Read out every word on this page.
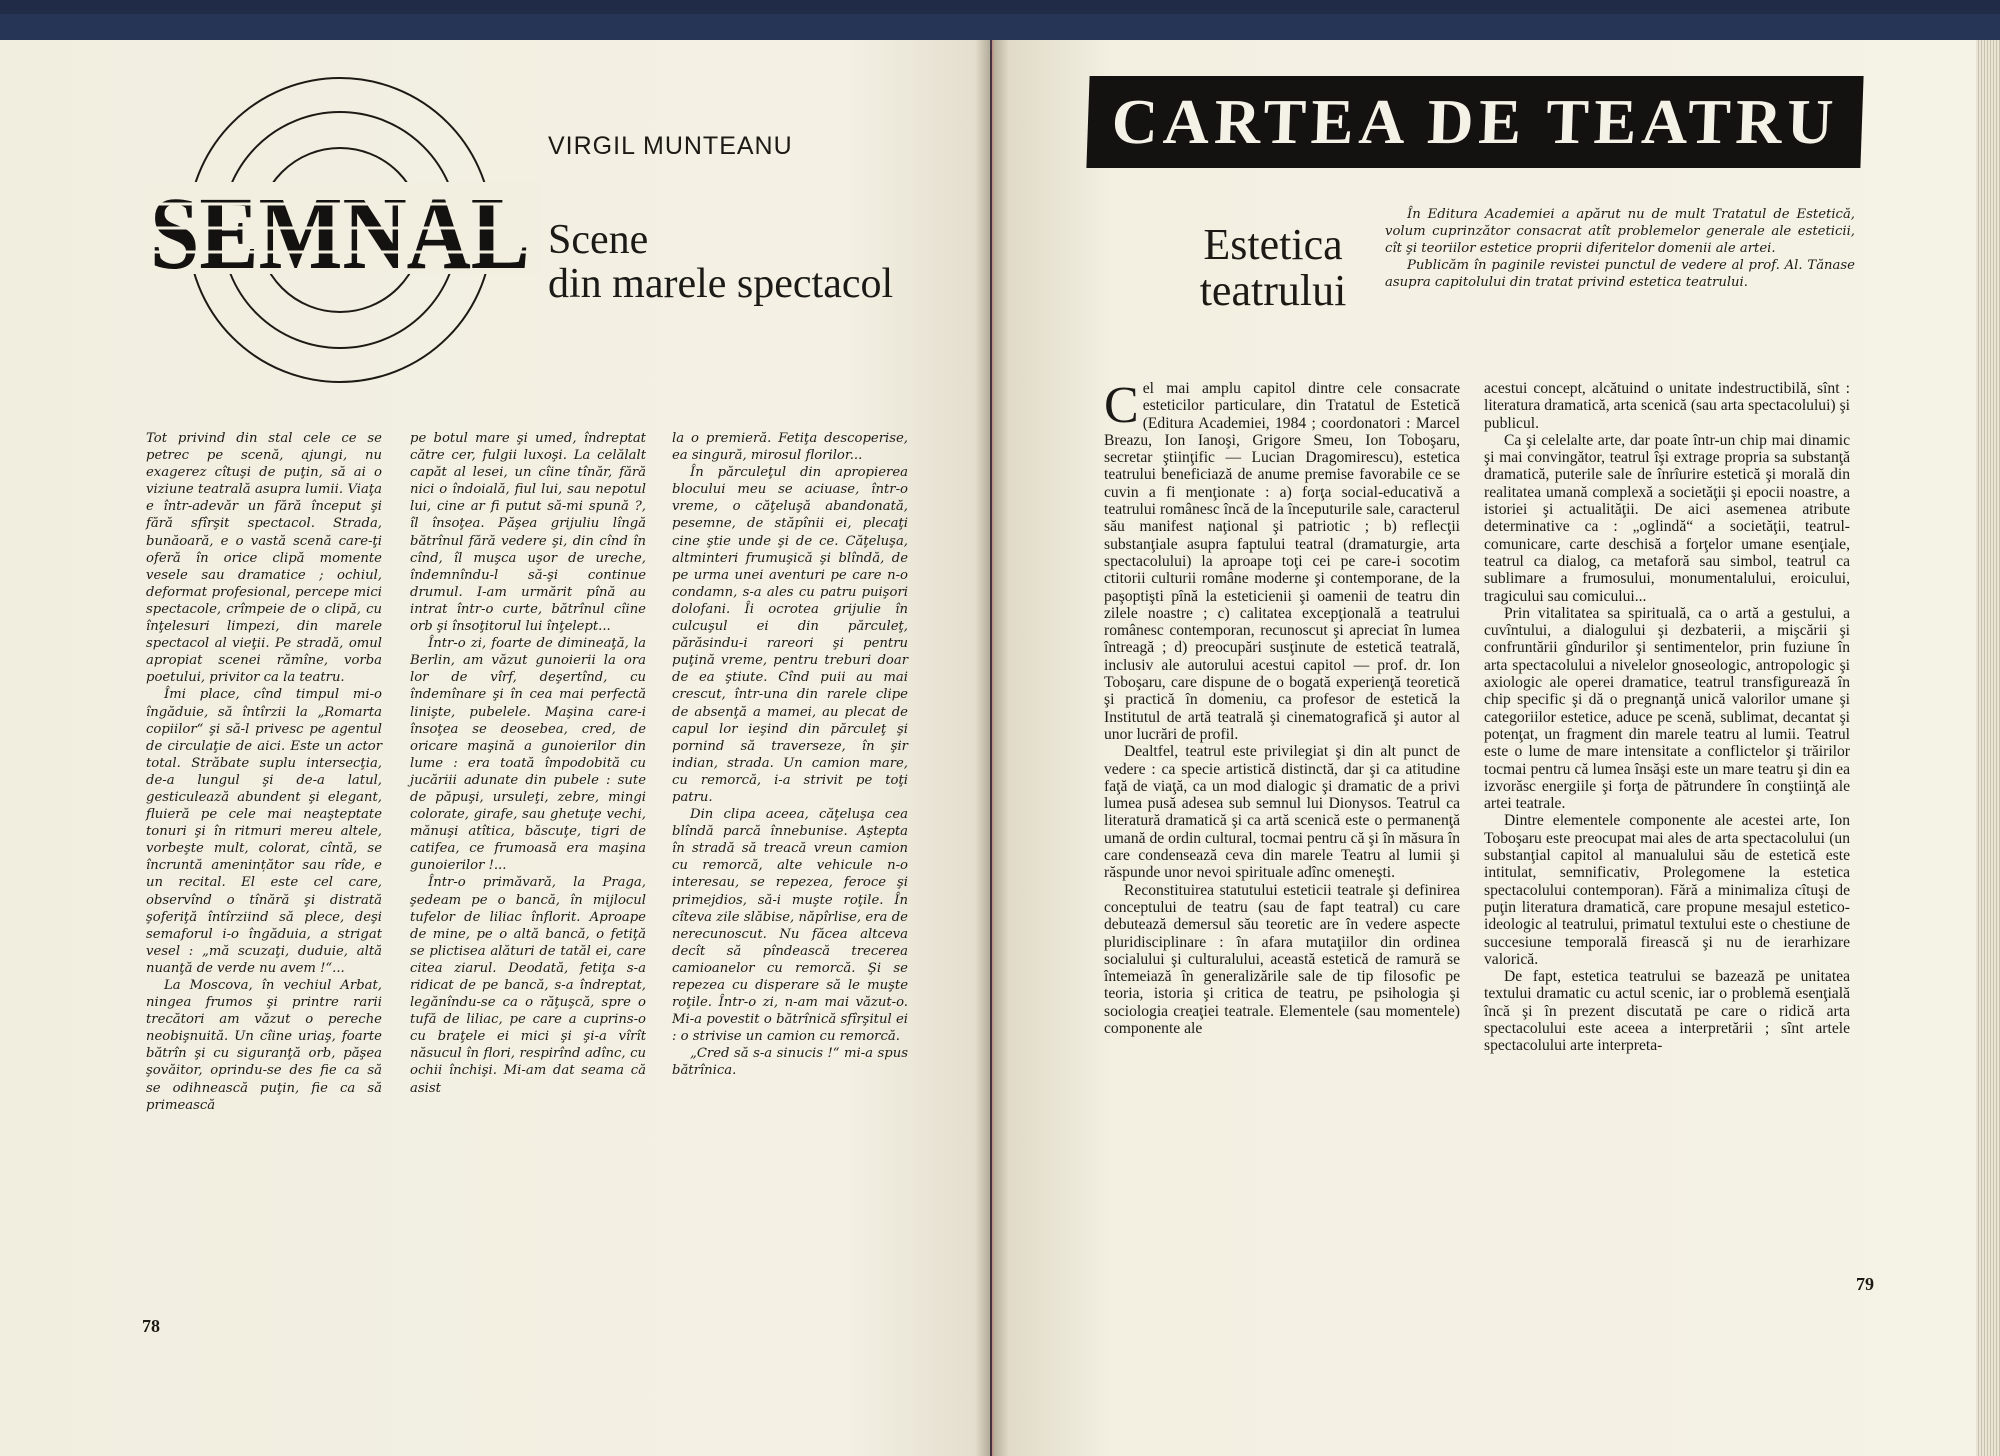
SEMNAL
VIRGIL MUNTEANU
Scene
din marele spectacol

Tot privind din stal cele ce se petrec pe scenă, ajungi, nu exagerez cîtuşi de puţin, să ai o viziune teatrală asupra lumii. Viaţa e într-adevăr un fără început şi fără sfîrşit spectacol. Strada, bunăoară, e o vastă scenă care-ţi oferă în orice clipă momente vesele sau dramatice ; ochiul, deformat profesional, percepe mici spectacole, crîmpeie de o clipă, cu înţelesuri limpezi, din marele spectacol al vieţii. Pe stradă, omul apropiat scenei rămîne, vorba poetului, privitor ca la teatru.

Îmi place, cînd timpul mi-o îngăduie, să întîrzii la „Romarta copiilor“ şi să-l privesc pe agentul de circulaţie de aici. Este un actor total. Străbate suplu intersecţia, de-a lungul şi de-a latul, gesticulează abundent şi elegant, fluieră pe cele mai neaşteptate tonuri şi în ritmuri mereu altele, vorbeşte mult, colorat, cîntă, se încruntă amenințător sau rîde, e un recital. El este cel care, observînd o tînără şi distrată şoferiţă întîrziind să plece, deşi semaforul i-o îngăduia, a strigat vesel : „mă scuzaţi, duduie, altă nuanţă de verde nu avem !“...

La Moscova, în vechiul Arbat, ningea frumos şi printre rarii trecători am văzut o pereche neobişnuită. Un cîine uriaş, foarte bătrîn şi cu siguranţă orb, păşea şovăitor, oprindu-se des fie ca să se odihnească puţin, fie ca să primească

pe botul mare şi umed, îndreptat către cer, fulgii luxoşi. La celălalt capăt al lesei, un cîine tînăr, fără nici o îndoială, fiul lui, sau nepotul lui, cine ar fi putut să-mi spună ?, îl însoţea. Păşea grijuliu lîngă bătrînul fără vedere şi, din cînd în cînd, îl muşca uşor de ureche, îndemnîndu-l să-şi continue drumul. I-am urmărit pînă au intrat într-o curte, bătrînul cîine orb şi însoţitorul lui înţelept...

Într-o zi, foarte de dimineaţă, la Berlin, am văzut gunoierii la ora lor de vîrf, deşertînd, cu îndemînare şi în cea mai perfectă linişte, pubelele. Maşina care-i însoţea se deosebea, cred, de oricare maşină a gunoierilor din lume : era toată împodobită cu jucăriii adunate din pubele : sute de păpuşi, ursuleţi, zebre, mingi colorate, girafe, sau ghetuţe vechi, mănuşi atîtica, băscuţe, tigri de catifea, ce frumoasă era maşina gunoierilor !...

Într-o primăvară, la Praga, şedeam pe o bancă, în mijlocul tufelor de liliac înflorit. Aproape de mine, pe o altă bancă, o fetiţă se plictisea alături de tatăl ei, care citea ziarul. Deodată, fetiţa s-a ridicat de pe bancă, s-a îndreptat, legănîndu-se ca o răţuşcă, spre o tufă de liliac, pe care a cuprins-o cu braţele ei mici şi şi-a vîrît năsucul în flori, respirînd adînc, cu ochii închişi. Mi-am dat seama că asist

la o premieră. Fetiţa descoperise, ea singură, mirosul florilor...

În părculeţul din apropierea blocului meu se aciuase, într-o vreme, o căţeluşă abandonată, pesemne, de stăpînii ei, plecaţi cine ştie unde şi de ce. Căţeluşa, altminteri frumuşică şi blîndă, de pe urma unei aventuri pe care n-o condamn, s-a ales cu patru puişori dolofani. Îi ocrotea grijulie în culcuşul ei din părculeţ, părăsindu-i rareori şi pentru puţină vreme, pentru treburi doar de ea ştiute. Cînd puii au mai crescut, într-una din rarele clipe de absenţă a mamei, au plecat de capul lor ieşind din părculeţ şi pornind să traverseze, în şir indian, strada. Un camion mare, cu remorcă, i-a strivit pe toţi patru.

Din clipa aceea, căţeluşa cea blîndă parcă înnebunise. Aştepta în stradă să treacă vreun camion cu remorcă, alte vehicule n-o interesau, se repezea, feroce şi primejdios, să-i muşte roţile. În cîteva zile slăbise, năpîrlise, era de nerecunoscut. Nu făcea altceva decît să pîndească trecerea camioanelor cu remorcă. Şi se repezea cu disperare să le muşte roţile. Într-o zi, n-am mai văzut-o. Mi-a povestit o bătrînică sfîrşitul ei : o strivise un camion cu remorcă.

„Cred să s-a sinucis !“ mi-a spus bătrînica.

78
CARTEA DE TEATRU
Estetica
teatrului

În Editura Academiei a apărut nu de mult Tratatul de Estetică, volum cuprinzător consacrat atît problemelor generale ale esteticii, cît şi teoriilor estetice proprii diferitelor domenii ale artei.

Publicăm în paginile revistei punctul de vedere al prof. Al. Tănase asupra capitolului din tratat privind estetica teatrului.

Cel mai amplu capitol dintre cele consacrate esteticilor particulare, din Tratatul de Estetică (Editura Academiei, 1984 ; coordonatori : Marcel Breazu, Ion Ianoşi, Grigore Smeu, Ion Toboşaru, secretar ştiinţific — Lucian Dragomirescu), estetica teatrului beneficiază de anume premise favorabile ce se cuvin a fi menţionate : a) forţa social-educativă a teatrului românesc încă de la începuturile sale, caracterul său manifest naţional şi patriotic ; b) reflecţii substanţiale asupra faptului teatral (dramaturgie, arta spectacolului) la aproape toţi cei pe care-i socotim ctitorii culturii române moderne şi contemporane, de la paşoptişti pînă la esteticienii şi oamenii de teatru din zilele noastre ; c) calitatea excepţională a teatrului românesc contemporan, recunoscut şi apreciat în lumea întreagă ; d) preocupări susţinute de estetică teatrală, inclusiv ale autorului acestui capitol — prof. dr. Ion Toboşaru, care dispune de o bogată experienţă teoretică şi practică în domeniu, ca profesor de estetică la Institutul de artă teatrală şi cinematografică şi autor al unor lucrări de profil.

Dealtfel, teatrul este privilegiat şi din alt punct de vedere : ca specie artistică distinctă, dar şi ca atitudine faţă de viaţă, ca un mod dialogic şi dramatic de a privi lumea pusă adesea sub semnul lui Dionysos. Teatrul ca literatură dramatică şi ca artă scenică este o permanenţă umană de ordin cultural, tocmai pentru că şi în măsura în care condensează ceva din marele Teatru al lumii şi răspunde unor nevoi spirituale adînc omeneşti.

Reconstituirea statutului esteticii teatrale şi definirea conceptului de teatru (sau de fapt teatral) cu care debutează demersul său teoretic are în vedere aspecte pluridisciplinare : în afara mutaţiilor din ordinea socialului şi culturalului, această estetică de ramură se întemeiază în generalizările sale de tip filosofic pe teoria, istoria şi critica de teatru, pe psihologia şi sociologia creaţiei teatrale. Elementele (sau momentele) componente ale

acestui concept, alcătuind o unitate indestructibilă, sînt : literatura dramatică, arta scenică (sau arta spectacolului) şi publicul.

Ca şi celelalte arte, dar poate într-un chip mai dinamic şi mai convingător, teatrul îşi extrage propria sa substanţă dramatică, puterile sale de înrîurire estetică şi morală din realitatea umană complexă a societăţii şi epocii noastre, a istoriei şi actualităţii. De aici asemenea atribute determinative ca : „oglindă“ a societăţii, teatrul-comunicare, carte deschisă a forţelor umane esenţiale, teatrul ca dialog, ca metaforă sau simbol, teatrul ca sublimare a frumosului, monumentalului, eroicului, tragicului sau comicului...

Prin vitalitatea sa spirituală, ca o artă a gestului, a cuvîntului, a dialogului şi dezbaterii, a mişcării şi confruntării gîndurilor şi sentimentelor, prin fuziune în arta spectacolului a nivelelor gnoseologic, antropologic şi axiologic ale operei dramatice, teatrul transfigurează în chip specific şi dă o pregnanţă unică valorilor umane şi categoriilor estetice, aduce pe scenă, sublimat, decantat şi potenţat, un fragment din marele teatru al lumii. Teatrul este o lume de mare intensitate a conflictelor şi trăirilor tocmai pentru că lumea însăşi este un mare teatru şi din ea izvorăsc energiile şi forţa de pătrundere în conştiinţă ale artei teatrale.

Dintre elementele componente ale acestei arte, Ion Toboşaru este preocupat mai ales de arta spectacolului (un substanţial capitol al manualului său de estetică este intitulat, semnificativ, Prolegomene la estetica spectacolului contemporan). Fără a minimaliza cîtuşi de puţin literatura dramatică, care propune mesajul estetico-ideologic al teatrului, primatul textului este o chestiune de succesiune temporală firească şi nu de ierarhizare valorică.

De fapt, estetica teatrului se bazează pe unitatea textului dramatic cu actul scenic, iar o problemă esenţială încă şi în prezent discutată pe care o ridică arta spectacolului este aceea a interpretării ; sînt artele spectacolului arte interpreta-

79
